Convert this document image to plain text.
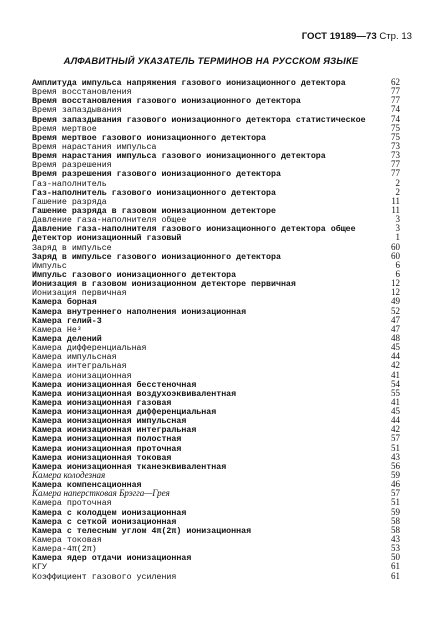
ГОСТ 19189—73 Стр. 13
АЛФАВИТНЫЙ УКАЗАТЕЛЬ ТЕРМИНОВ НА РУССКОМ ЯЗЫКЕ
Амплитуда импульса напряжения газового ионизационного детектора	62
Время восстановления	77
Время восстановления газового ионизационного детектора	77
Время запаздывания	74
Время запаздывания газового ионизационного детектора статистическое	74
Время мертвое	75
Время мертвое газового ионизационного детектора	75
Время нарастания импульса	73
Время нарастания импульса газового ионизационного детектора	73
Время разрешения	77
Время разрешения газового ионизационного детектора	77
Газ-наполнитель	2
Газ-наполнитель газового ионизационного детектора	2
Гашение разряда	11
Гашение разряда в газовом ионизационном детекторе	11
Давление газа-наполнителя общее	3
Давление газа-наполнителя газового ионизационного детектора общее	3
Детектор ионизационный газовый	1
Заряд в импульсе	60
Заряд в импульсе газового ионизационного детектора	60
Импульс	6
Импульс газового ионизационного детектора	6
Ионизация в газовом ионизационном детекторе первичная	12
Ионизация первичная	12
Камера борная	49
Камера внутреннего наполнения ионизационная	52
Камера гелий-3	47
Камера He³	47
Камера делений	48
Камера дифференциальная	45
Камера импульсная	44
Камера интегральная	42
Камера ионизационная	41
Камера ионизационная бесстеночная	54
Камера ионизационная воздухоэквивалентная	55
Камера ионизационная газовая	41
Камера ионизационная дифференциальная	45
Камера ионизационная импульсная	44
Камера ионизационная интегральная	42
Камера ионизационная полостная	57
Камера ионизационная проточная	51
Камера ионизационная токовая	43
Камера ионизационная тканеэквивалентная	56
Камера колодезная	59
Камера компенсационная	46
Камера наперстковая Брэгга—Грея	57
Камера проточная	51
Камера с колодцем ионизационная	59
Камера с сеткой ионизационная	58
Камера с телесным углом 4π(2π) ионизационная	58
Камера токовая	43
Камера-4π(2π)	53
Камера ядер отдачи ионизационная	50
КГУ	61
Коэффициент газового усиления	61
